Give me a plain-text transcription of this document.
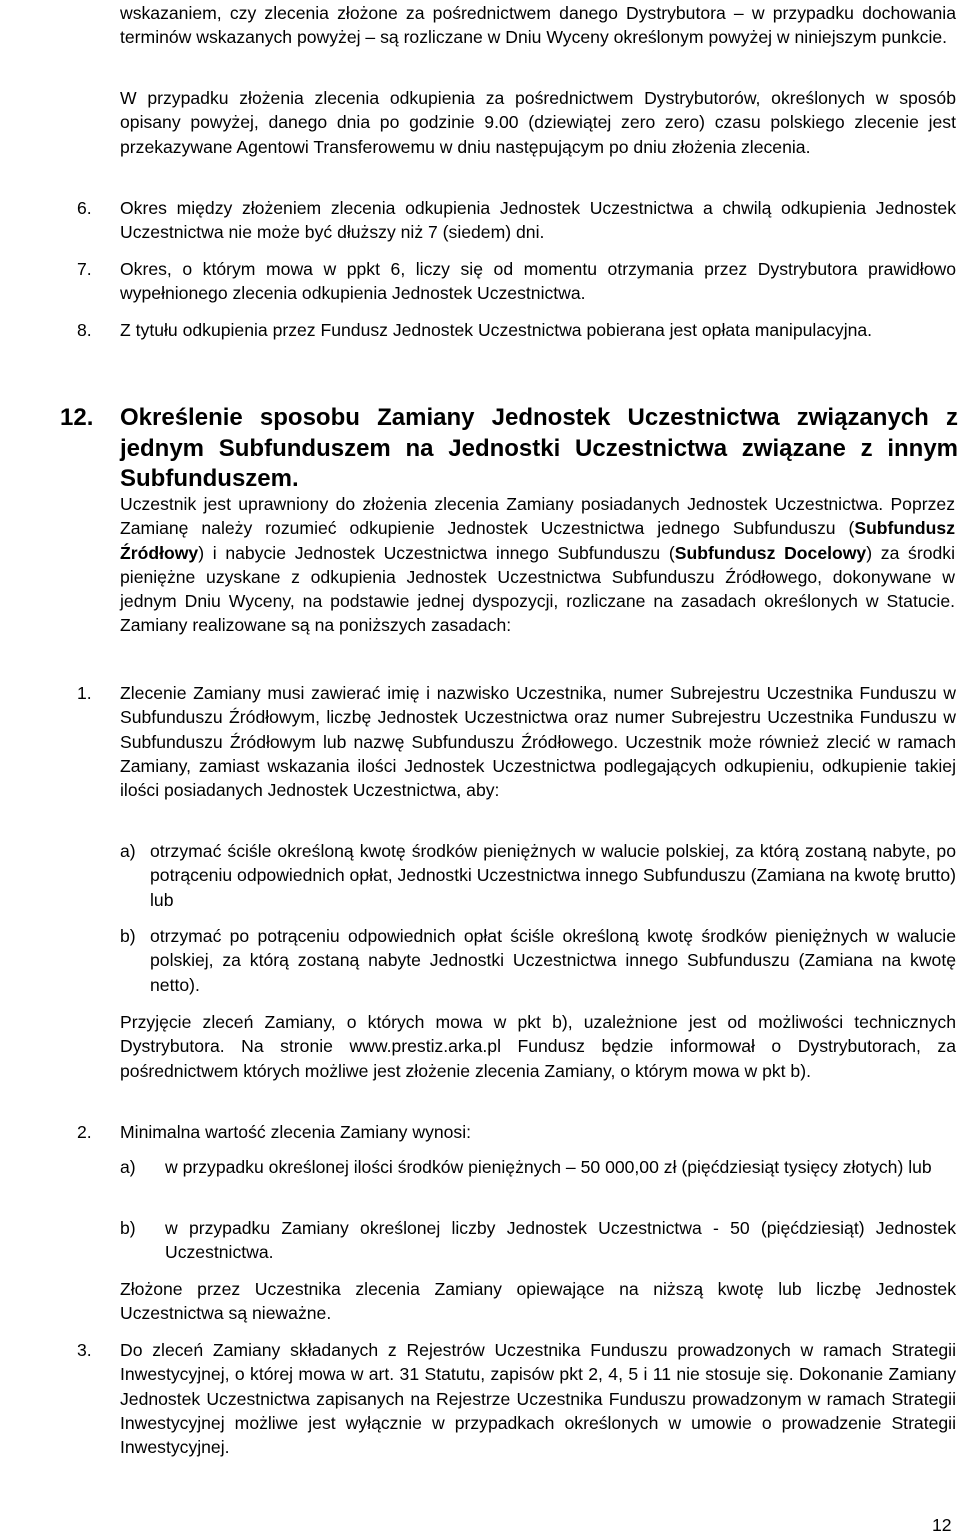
wskazaniem, czy zlecenia złożone za pośrednictwem danego Dystrybutora – w przypadku dochowania terminów wskazanych powyżej – są rozliczane w Dniu Wyceny określonym powyżej w niniejszym punkcie.
W przypadku złożenia zlecenia odkupienia za pośrednictwem Dystrybutorów, określonych w sposób opisany powyżej, danego dnia po godzinie 9.00 (dziewiątej zero zero) czasu polskiego zlecenie jest przekazywane Agentowi Transferowemu w dniu następującym po dniu złożenia zlecenia.
6. Okres między złożeniem zlecenia odkupienia Jednostek Uczestnictwa a chwilą odkupienia Jednostek Uczestnictwa nie może być dłuższy niż 7 (siedem) dni.
7. Okres, o którym mowa w ppkt 6, liczy się od momentu otrzymania przez Dystrybutora prawidłowo wypełnionego zlecenia odkupienia Jednostek Uczestnictwa.
8. Z tytułu odkupienia przez Fundusz Jednostek Uczestnictwa pobierana jest opłata manipulacyjna.
12.	Określenie sposobu Zamiany Jednostek Uczestnictwa związanych z jednym Subfunduszem na Jednostki Uczestnictwa związane z innym Subfunduszem.
Uczestnik jest uprawniony do złożenia zlecenia Zamiany posiadanych Jednostek Uczestnictwa. Poprzez Zamianę należy rozumieć odkupienie Jednostek Uczestnictwa jednego Subfunduszu (Subfundusz Źródłowy) i nabycie Jednostek Uczestnictwa innego Subfunduszu (Subfundusz Docelowy) za środki pieniężne uzyskane z odkupienia Jednostek Uczestnictwa Subfunduszu Źródłowego, dokonywane w jednym Dniu Wyceny, na podstawie jednej dyspozycji, rozliczane na zasadach określonych w Statucie. Zamiany realizowane są na poniższych zasadach:
1. Zlecenie Zamiany musi zawierać imię i nazwisko Uczestnika, numer Subrejestru Uczestnika Funduszu w Subfunduszu Źródłowym, liczbę Jednostek Uczestnictwa oraz numer Subrejestru Uczestnika Funduszu w Subfunduszu Źródłowym lub nazwę Subfunduszu Źródłowego. Uczestnik może również zlecić w ramach Zamiany, zamiast wskazania ilości Jednostek Uczestnictwa podlegających odkupieniu, odkupienie takiej ilości posiadanych Jednostek Uczestnictwa, aby:
a) otrzymać ściśle określoną kwotę środków pieniężnych w walucie polskiej, za którą zostaną nabyte, po potrąceniu odpowiednich opłat, Jednostki Uczestnictwa innego Subfunduszu (Zamiana na kwotę brutto) lub
b) otrzymać po potrąceniu odpowiednich opłat ściśle określoną kwotę środków pieniężnych w walucie polskiej, za którą zostaną nabyte Jednostki Uczestnictwa innego Subfunduszu (Zamiana na kwotę netto).
Przyjęcie zleceń Zamiany, o których mowa w pkt b), uzależnione jest od możliwości technicznych Dystrybutora. Na stronie www.prestiz.arka.pl Fundusz będzie informował o Dystrybutorach, za pośrednictwem których możliwe jest złożenie zlecenia Zamiany, o którym mowa w pkt b).
2. Minimalna wartość zlecenia Zamiany wynosi:
a) w przypadku określonej ilości środków pieniężnych – 50 000,00 zł (pięćdziesiąt tysięcy złotych) lub
b) w przypadku Zamiany określonej liczby Jednostek Uczestnictwa - 50 (pięćdziesiąt) Jednostek Uczestnictwa.
Złożone przez Uczestnika zlecenia Zamiany opiewające na niższą kwotę lub liczbę Jednostek Uczestnictwa są nieważne.
3. Do zleceń Zamiany składanych z Rejestrów Uczestnika Funduszu prowadzonych w ramach Strategii Inwestycyjnej, o której mowa w art. 31 Statutu, zapisów pkt 2, 4, 5 i 11 nie stosuje się. Dokonanie Zamiany Jednostek Uczestnictwa zapisanych na Rejestrze Uczestnika Funduszu prowadzonym w ramach Strategii Inwestycyjnej możliwe jest wyłącznie w przypadkach określonych w umowie o prowadzenie Strategii Inwestycyjnej.
12
